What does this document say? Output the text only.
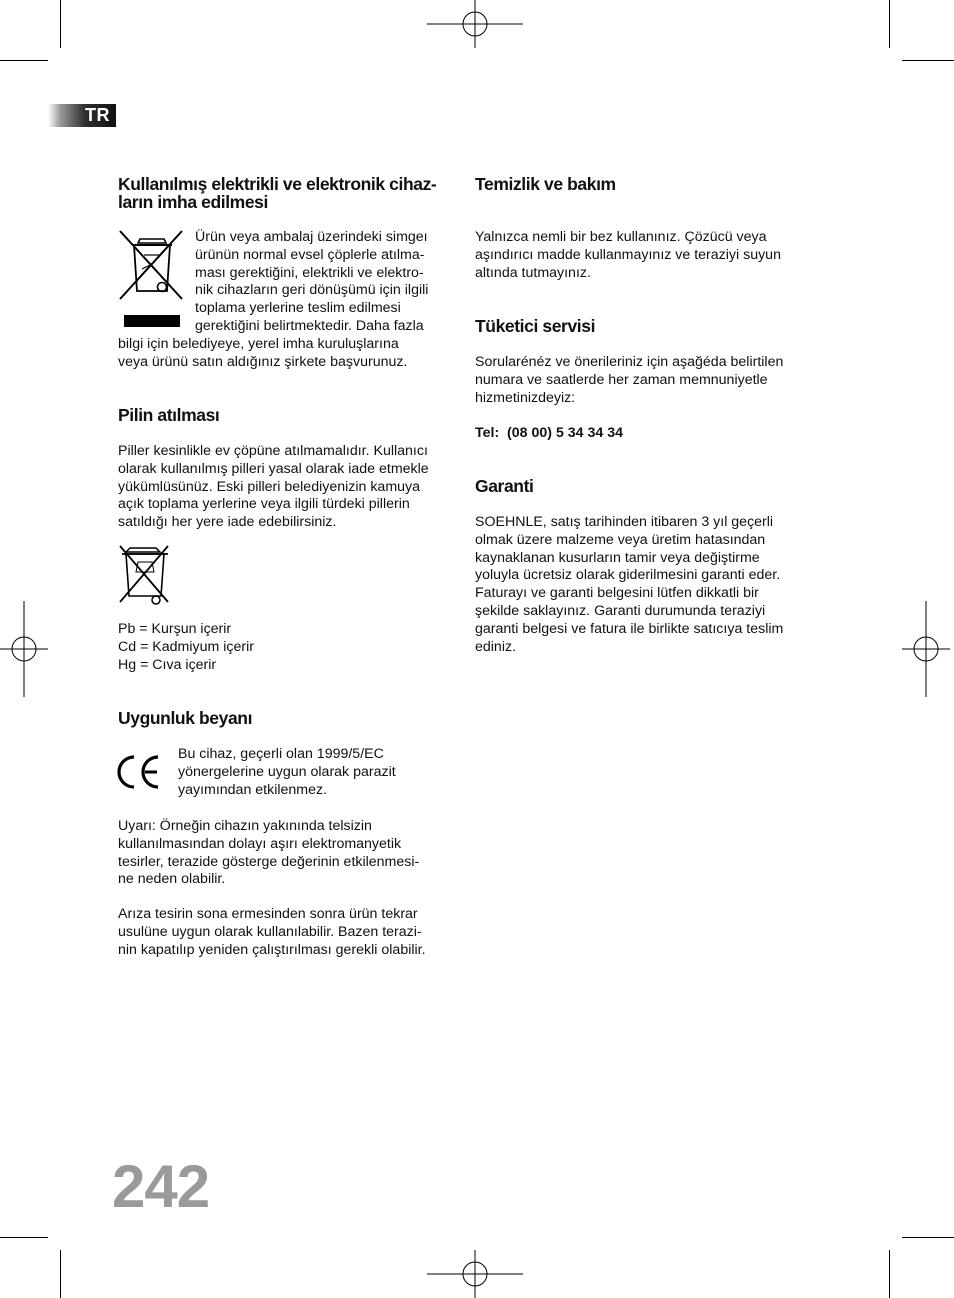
TR

Kullanılmış elektrikli ve elektronik cihaz-
ların imha edilmesi

Ürün veya ambalaj üzerindeki simgeı
ürünün normal evsel çöplerle atılma-
ması gerektiğini, elektrikli ve elektro-
nik cihazların geri dönüşümü için ilgili
toplama yerlerine teslim edilmesi
gerektiğini belirtmektedir. Daha fazla

bilgi için belediyeye, yerel imha kuruluşlarına
veya ürünü satın aldığınız şirkete başvurunuz.

Pilin atılması

Piller kesinlikle ev çöpüne atılmamalıdır. Kullanıcı
olarak kullanılmış pilleri yasal olarak iade etmekle
yükümlüsünüz. Eski pilleri belediyenizin kamuya
açık toplama yerlerine veya ilgili türdeki pillerin
satıldığı her yere iade edebilirsiniz.

Pb = Kurşun içerir

Cd = Kadmiyum içerir

Hg = Cıva içerir

Uygunluk beyanı

Bu cihaz, geçerli olan 1999/5/EC
yönergelerine uygun olarak parazit
yayımından etkilenmez.

Uyarı: Örneğin cihazın yakınında telsizin
kullanılmasından dolayı aşırı elektromanyetik
tesirler, terazide gösterge değerinin etkilenmesi-
ne neden olabilir.

Arıza tesirin sona ermesinden sonra ürün tekrar
usulüne uygun olarak kullanılabilir. Bazen terazi-
nin kapatılıp yeniden çalıştırılması gerekli olabilir.

Temizlik ve bakım

Yalnızca nemli bir bez kullanınız. Çözücü veya
aşındırıcı madde kullanmayınız ve teraziyi suyun
altında tutmayınız.

Tüketici servisi

Sorularénéz ve önerileriniz için aşağéda belirtilen
numara ve saatlerde her zaman memnuniyetle
hizmetinizdeyiz:

Tel:  (08 00) 5 34 34 34

Garanti

SOEHNLE, satış tarihinden itibaren 3 yıl geçerli
olmak üzere malzeme veya üretim hatasından
kaynaklanan kusurların tamir veya değiştirme
yoluyla ücretsiz olarak giderilmesini garanti eder.
Faturayı ve garanti belgesini lütfen dikkatli bir
şekilde saklayınız. Garanti durumunda teraziyi
garanti belgesi ve fatura ile birlikte satıcıya teslim
ediniz.

242
